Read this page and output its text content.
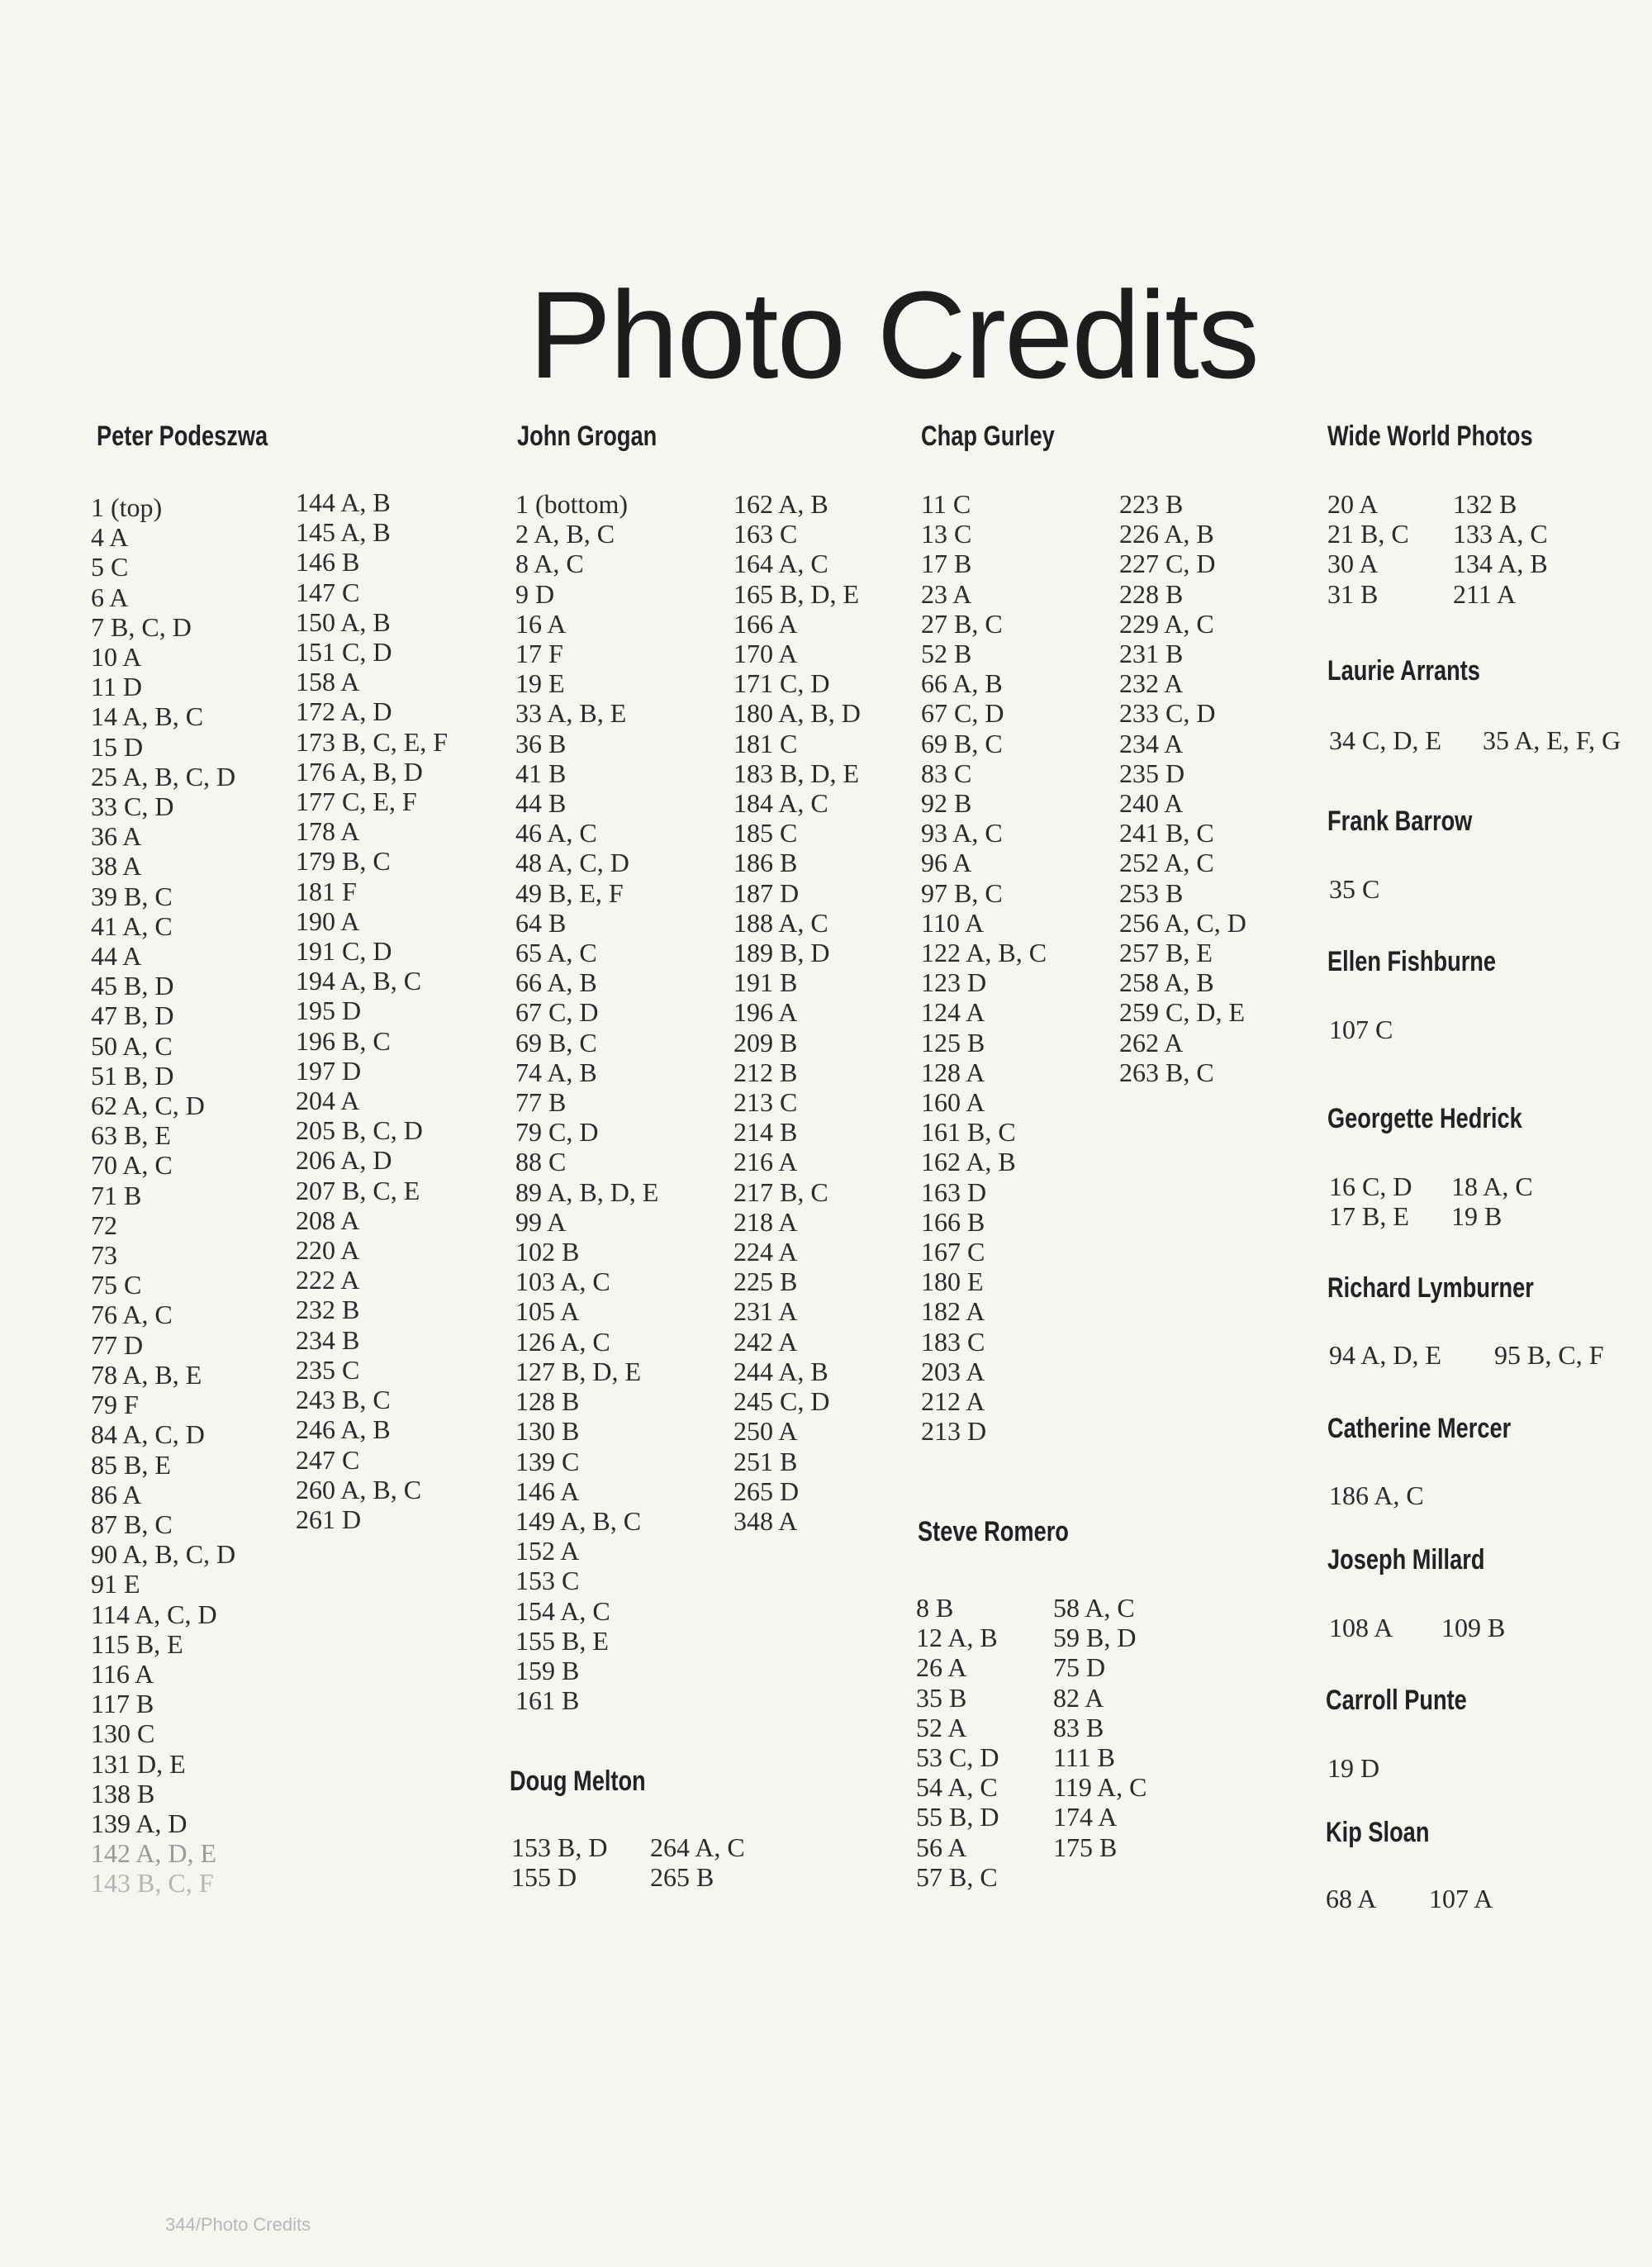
Photo Credits
Peter Podeszwa
1 (top)
4 A
5 C
6 A
7 B, C, D
10 A
11 D
14 A, B, C
15 D
25 A, B, C, D
33 C, D
36 A
38 A
39 B, C
41 A, C
44 A
45 B, D
47 B, D
50 A, C
51 B, D
62 A, C, D
63 B, E
70 A, C
71 B
72
73
75 C
76 A, C
77 D
78 A, B, E
79 F
84 A, C, D
85 B, E
86 A
87 B, C
90 A, B, C, D
91 E
114 A, C, D
115 B, E
116 A
117 B
130 C
131 D, E
138 B
139 A, D
142 A, D, E
143 B, C, F
144 A, B
145 A, B
146 B
147 C
150 A, B
151 C, D
158 A
172 A, D
173 B, C, E, F
176 A, B, D
177 C, E, F
178 A
179 B, C
181 F
190 A
191 C, D
194 A, B, C
195 D
196 B, C
197 D
204 A
205 B, C, D
206 A, D
207 B, C, E
208 A
220 A
222 A
232 B
234 B
235 C
243 B, C
246 A, B
247 C
260 A, B, C
261 D
John Grogan
1 (bottom)
2 A, B, C
8 A, C
9 D
16 A
17 F
19 E
33 A, B, E
36 B
41 B
44 B
46 A, C
48 A, C, D
49 B, E, F
64 B
65 A, C
66 A, B
67 C, D
69 B, C
74 A, B
77 B
79 C, D
88 C
89 A, B, D, E
99 A
102 B
103 A, C
105 A
126 A, C
127 B, D, E
128 B
130 B
139 C
146 A
149 A, B, C
152 A
153 C
154 A, C
155 B, E
159 B
161 B
162 A, B
163 C
164 A, C
165 B, D, E
166 A
170 A
171 C, D
180 A, B, D
181 C
183 B, D, E
184 A, C
185 C
186 B
187 D
188 A, C
189 B, D
191 B
196 A
209 B
212 B
213 C
214 B
216 A
217 B, C
218 A
224 A
225 B
231 A
242 A
244 A, B
245 C, D
250 A
251 B
265 D
348 A
Doug Melton
153 B, D
155 D
264 A, C
265 B
Chap Gurley
11 C
13 C
17 B
23 A
27 B, C
52 B
66 A, B
67 C, D
69 B, C
83 C
92 B
93 A, C
96 A
97 B, C
110 A
122 A, B, C
123 D
124 A
125 B
128 A
160 A
161 B, C
162 A, B
163 D
166 B
167 C
180 E
182 A
183 C
203 A
212 A
213 D
223 B
226 A, B
227 C, D
228 B
229 A, C
231 B
232 A
233 C, D
234 A
235 D
240 A
241 B, C
252 A, C
253 B
256 A, C, D
257 B, E
258 A, B
259 C, D, E
262 A
263 B, C
Steve Romero
8 B
12 A, B
26 A
35 B
52 A
53 C, D
54 A, C
55 B, D
56 A
57 B, C
58 A, C
59 B, D
75 D
82 A
83 B
111 B
119 A, C
174 A
175 B
Wide World Photos
20 A
21 B, C
30 A
31 B
132 B
133 A, C
134 A, B
211 A
Laurie Arrants
34 C, D, E 35 A, E, F, G
Frank Barrow
35 C
Ellen Fishburne
107 C
Georgette Hedrick
16 C, D
17 B, E
18 A, C
19 B
Richard Lymburner
94 A, D, E 95 B, C, F
Catherine Mercer
186 A, C
Joseph Millard
108 A 109 B
Carroll Punte
19 D
Kip Sloan
68 A 107 A
344/Photo Credits
